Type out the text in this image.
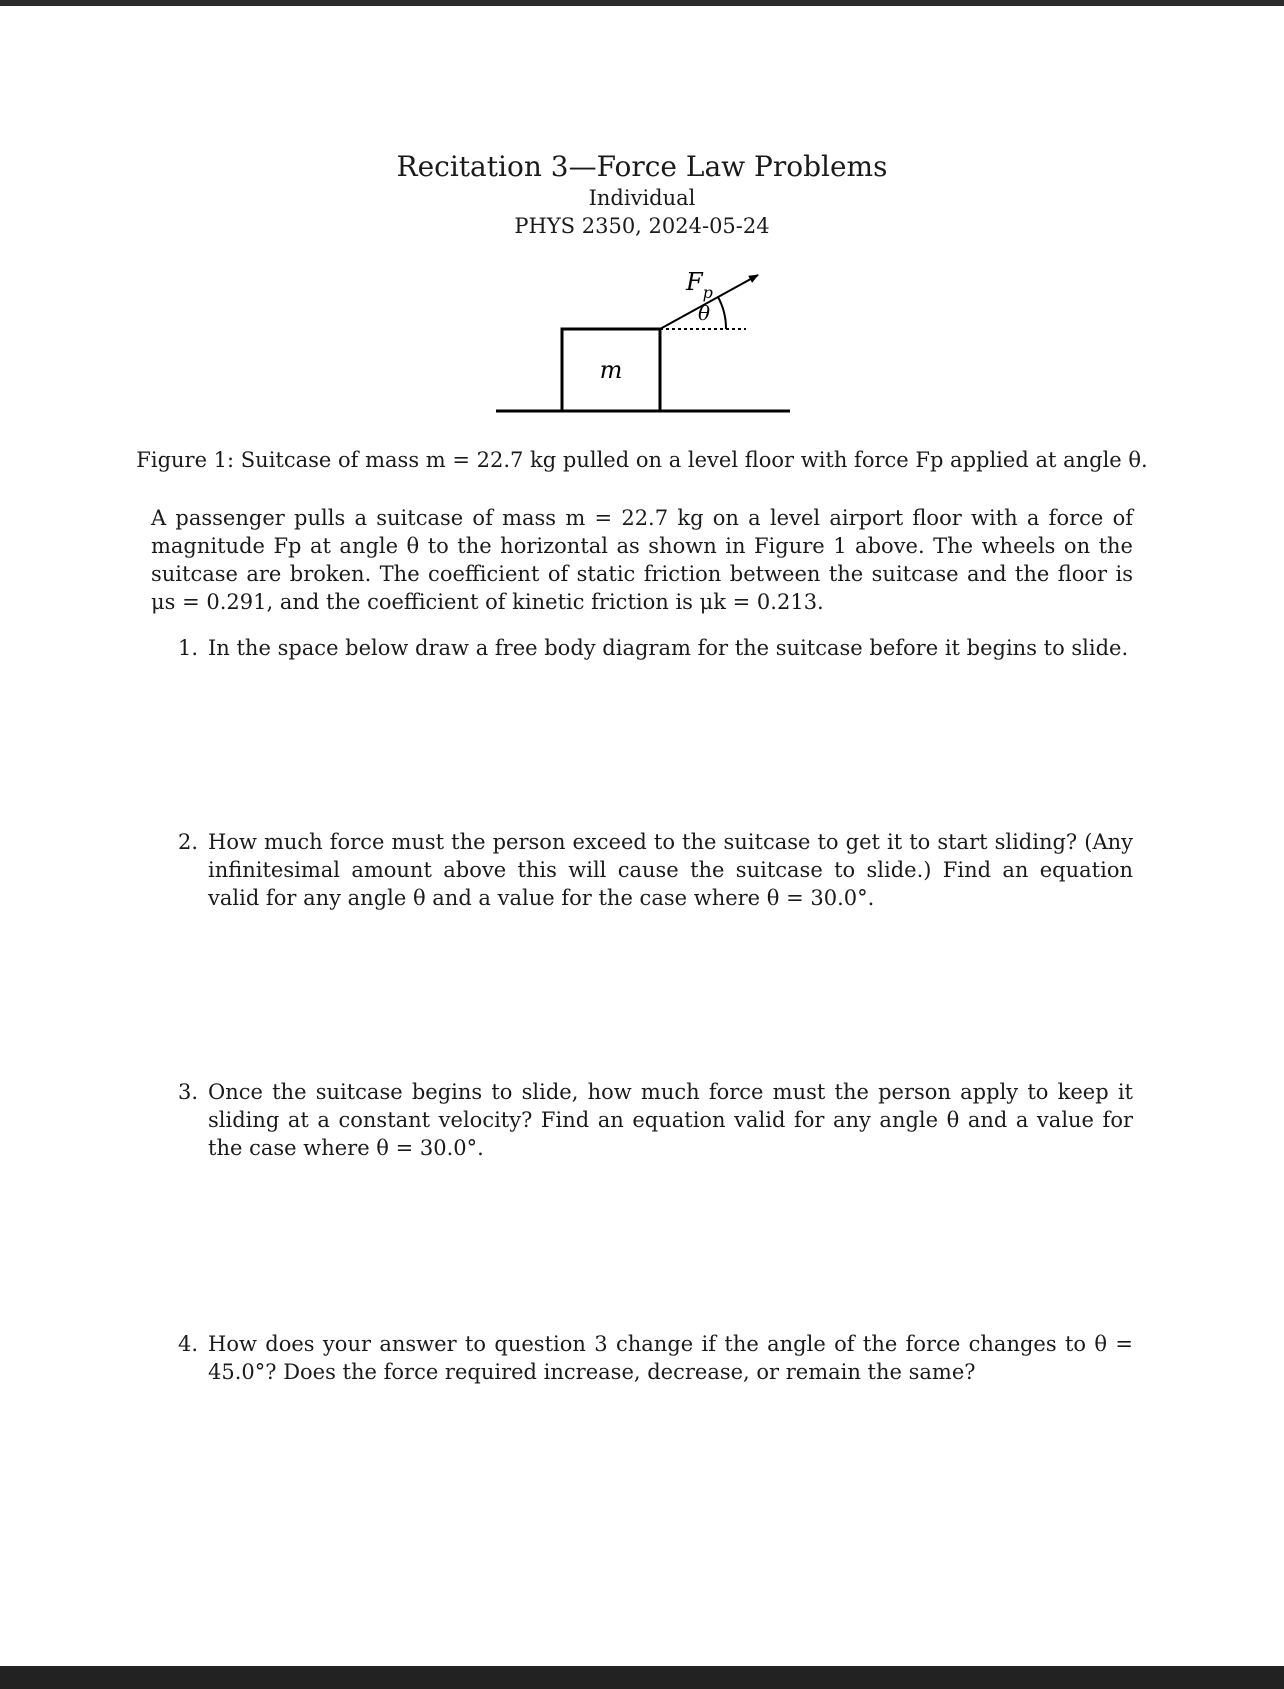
Recitation 3—Force Law Problems
Individual
PHYS 2350, 2024-05-24
m
θ
$F_p$
Figure 1: Suitcase of mass m = 22.7 kg pulled on a level floor with force Fp applied at angle θ.
A passenger pulls a suitcase of mass m = 22.7 kg on a level airport floor with a force of magnitude Fp at angle θ to the horizontal as shown in Figure 1 above. The wheels on the suitcase are broken. The coefficient of static friction between the suitcase and the floor is μs = 0.291, and the coefficient of kinetic friction is μk = 0.213.
1. In the space below draw a free body diagram for the suitcase before it begins to slide.
2. How much force must the person exceed to the suitcase to get it to start sliding? (Any infinitesimal amount above this will cause the suitcase to slide.) Find an equation valid for any angle θ and a value for the case where θ = 30.0°.
3. Once the suitcase begins to slide, how much force must the person apply to keep it sliding at a constant velocity? Find an equation valid for any angle θ and a value for the case where θ = 30.0°.
4. How does your answer to question 3 change if the angle of the force changes to θ = 45.0°? Does the force required increase, decrease, or remain the same?
